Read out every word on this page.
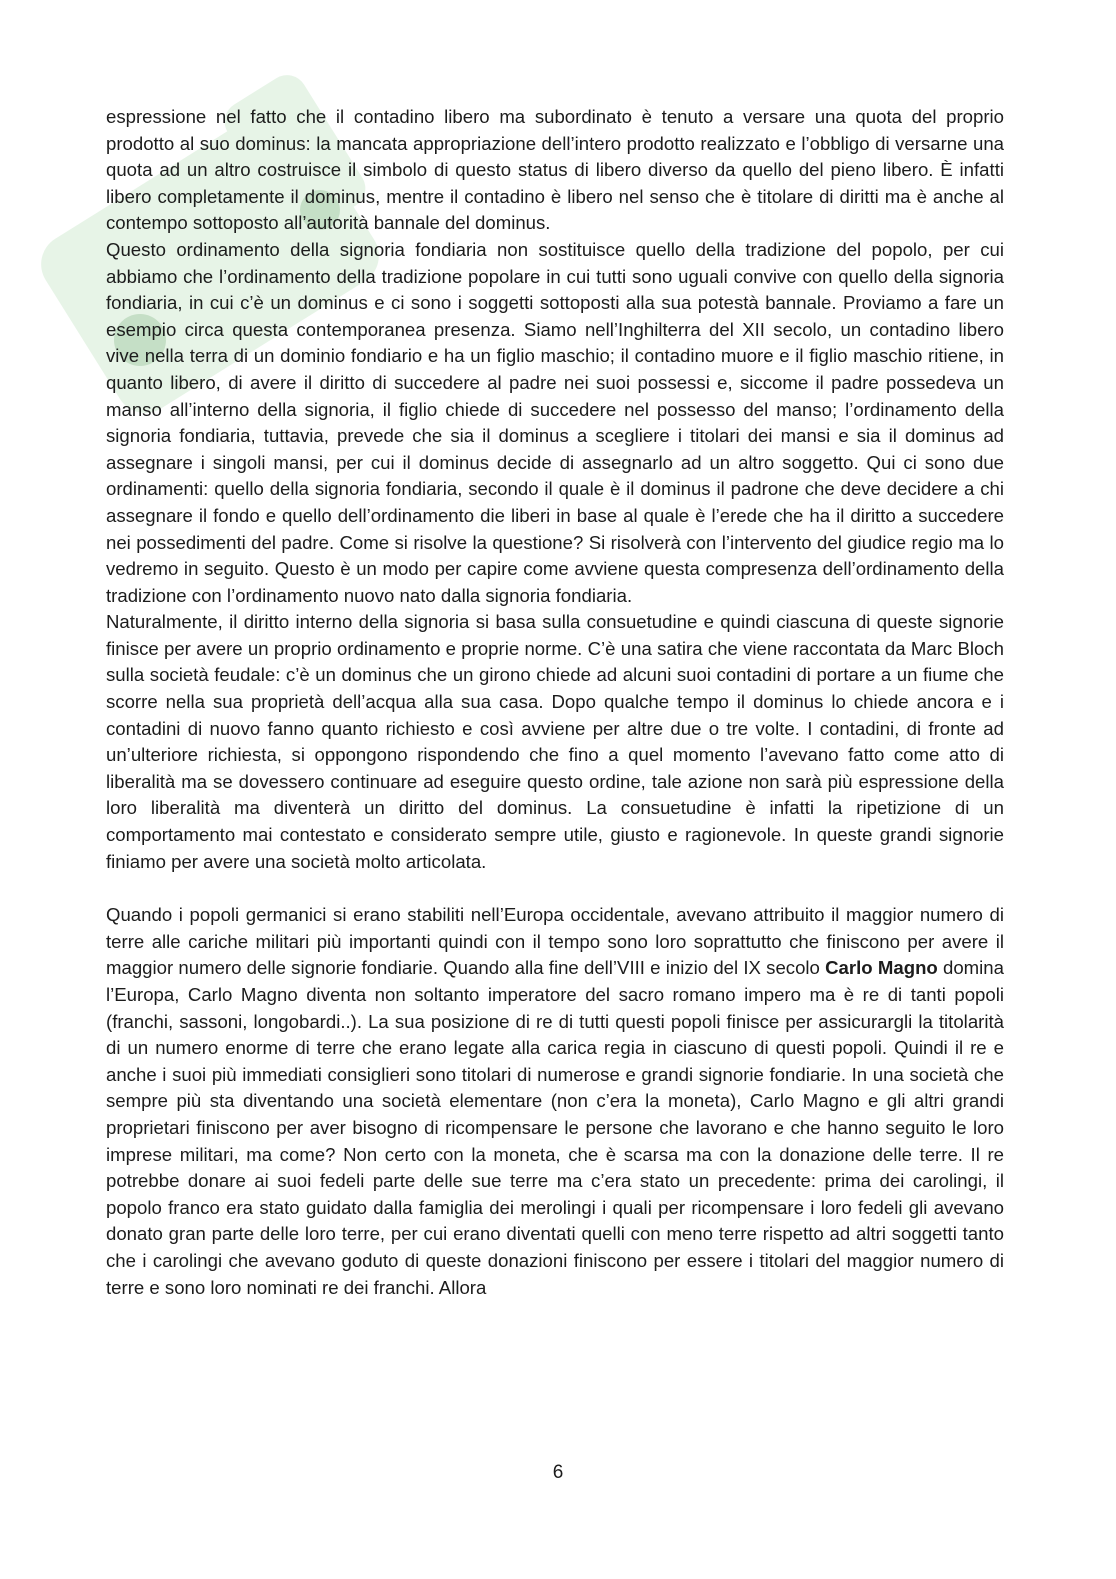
espressione nel fatto che il contadino libero ma subordinato è tenuto a versare una quota del proprio prodotto al suo dominus: la mancata appropriazione dell’intero prodotto realizzato e l’obbligo di versarne una quota ad un altro costruisce il simbolo di questo status di libero diverso da quello del pieno libero. È infatti libero completamente il dominus, mentre il contadino è libero nel senso che è titolare di diritti ma è anche al contempo sottoposto all’autorità bannale del dominus.

Questo ordinamento della signoria fondiaria non sostituisce quello della tradizione del popolo, per cui abbiamo che l’ordinamento della tradizione popolare in cui tutti sono uguali convive con quello della signoria fondiaria, in cui c’è un dominus e ci sono i soggetti sottoposti alla sua potestà bannale. Proviamo a fare un esempio circa questa contemporanea presenza. Siamo nell’Inghilterra del XII secolo, un contadino libero vive nella terra di un dominio fondiario e ha un figlio maschio; il contadino muore e il figlio maschio ritiene, in quanto libero, di avere il diritto di succedere al padre nei suoi possessi e, siccome il padre possedeva un manso all’interno della signoria, il figlio chiede di succedere nel possesso del manso; l’ordinamento della signoria fondiaria, tuttavia, prevede che sia il dominus a scegliere i titolari dei mansi e sia il dominus ad assegnare i singoli mansi, per cui il dominus decide di assegnarlo ad un altro soggetto. Qui ci sono due ordinamenti: quello della signoria fondiaria, secondo il quale è il dominus il padrone che deve decidere a chi assegnare il fondo e quello dell’ordinamento die liberi in base al quale è l’erede che ha il diritto a succedere nei possedimenti del padre. Come si risolve la questione? Si risolverà con l’intervento del giudice regio ma lo vedremo in seguito. Questo è un modo per capire come avviene questa compresenza dell’ordinamento della tradizione con l’ordinamento nuovo nato dalla signoria fondiaria.

Naturalmente, il diritto interno della signoria si basa sulla consuetudine e quindi ciascuna di queste signorie finisce per avere un proprio ordinamento e proprie norme. C’è una satira che viene raccontata da Marc Bloch sulla società feudale: c’è un dominus che un girono chiede ad alcuni suoi contadini di portare a un fiume che scorre nella sua proprietà dell’acqua alla sua casa. Dopo qualche tempo il dominus lo chiede ancora e i contadini di nuovo fanno quanto richiesto e così avviene per altre due o tre volte. I contadini, di fronte ad un’ulteriore richiesta, si oppongono rispondendo che fino a quel momento l’avevano fatto come atto di liberalità ma se dovessero continuare ad eseguire questo ordine, tale azione non sarà più espressione della loro liberalità ma diventerà un diritto del dominus. La consuetudine è infatti la ripetizione di un comportamento mai contestato e considerato sempre utile, giusto e ragionevole. In queste grandi signorie finiamo per avere una società molto articolata.

Quando i popoli germanici si erano stabiliti nell’Europa occidentale, avevano attribuito il maggior numero di terre alle cariche militari più importanti quindi con il tempo sono loro soprattutto che finiscono per avere il maggior numero delle signorie fondiarie. Quando alla fine dell’VIII e inizio del IX secolo Carlo Magno domina l’Europa, Carlo Magno diventa non soltanto imperatore del sacro romano impero ma è re di tanti popoli (franchi, sassoni, longobardi..). La sua posizione di re di tutti questi popoli finisce per assicurargli la titolarità di un numero enorme di terre che erano legate alla carica regia in ciascuno di questi popoli. Quindi il re e anche i suoi più immediati consiglieri sono titolari di numerose e grandi signorie fondiarie. In una società che sempre più sta diventando una società elementare (non c’era la moneta), Carlo Magno e gli altri grandi proprietari finiscono per aver bisogno di ricompensare le persone che lavorano e che hanno seguito le loro imprese militari, ma come? Non certo con la moneta, che è scarsa ma con la donazione delle terre. Il re potrebbe donare ai suoi fedeli parte delle sue terre ma c’era stato un precedente: prima dei carolingi, il popolo franco era stato guidato dalla famiglia dei merolingi i quali per ricompensare i loro fedeli gli avevano donato gran parte delle loro terre, per cui erano diventati quelli con meno terre rispetto ad altri soggetti tanto che i carolingi che avevano goduto di queste donazioni finiscono per essere i titolari del maggior numero di terre e sono loro nominati re dei franchi. Allora

6
